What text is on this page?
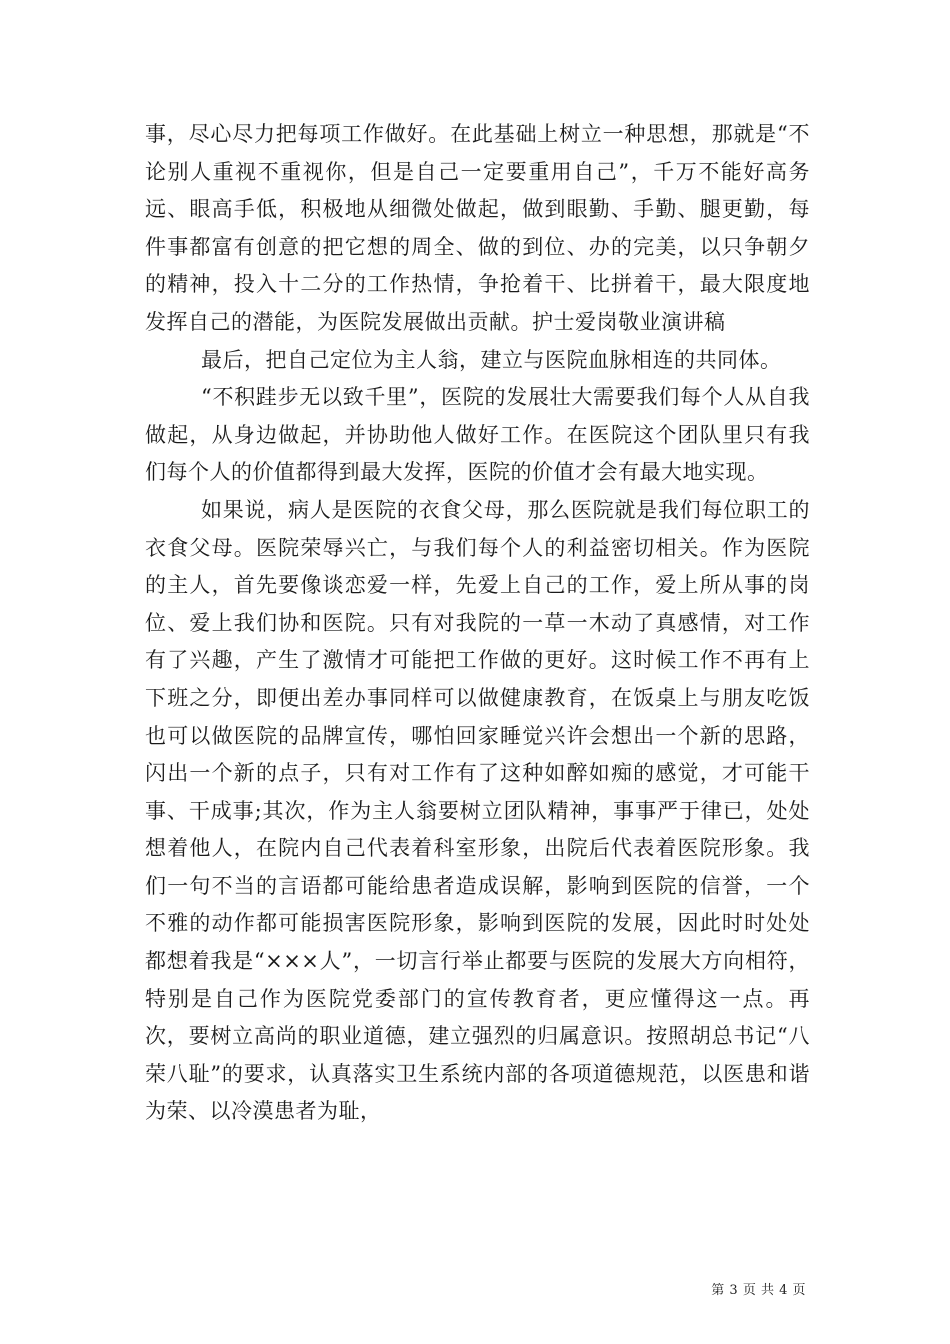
事，尽心尽力把每项工作做好。在此基础上树立一种思想，那就是“不论别人重视不重视你，但是自己一定要重用自己”，千万不能好高务远、眼高手低，积极地从细微处做起，做到眼勤、手勤、腿更勤，每件事都富有创意的把它想的周全、做的到位、办的完美，以只争朝夕的精神，投入十二分的工作热情，争抢着干、比拼着干，最大限度地发挥自己的潜能，为医院发展做出贡献。护士爱岗敬业演讲稿

最后，把自己定位为主人翁，建立与医院血脉相连的共同体。

“不积跬步无以致千里”，医院的发展壮大需要我们每个人从自我做起，从身边做起，并协助他人做好工作。在医院这个团队里只有我们每个人的价值都得到最大发挥，医院的价值才会有最大地实现。

如果说，病人是医院的衣食父母，那么医院就是我们每位职工的衣食父母。医院荣辱兴亡，与我们每个人的利益密切相关。作为医院的主人，首先要像谈恋爱一样，先爱上自己的工作，爱上所从事的岗位、爱上我们协和医院。只有对我院的一草一木动了真感情，对工作有了兴趣，产生了激情才可能把工作做的更好。这时候工作不再有上下班之分，即便出差办事同样可以做健康教育，在饭桌上与朋友吃饭也可以做医院的品牌宣传，哪怕回家睡觉兴许会想出一个新的思路，闪出一个新的点子，只有对工作有了这种如醉如痴的感觉，才可能干事、干成事;其次，作为主人翁要树立团队精神，事事严于律已，处处想着他人，在院内自己代表着科室形象，出院后代表着医院形象。我们一句不当的言语都可能给患者造成误解，影响到医院的信誉，一个不雅的动作都可能损害医院形象，影响到医院的发展，因此时时处处都想着我是“×××人”，一切言行举止都要与医院的发展大方向相符，特别是自己作为医院党委部门的宣传教育者，更应懂得这一点。再次，要树立高尚的职业道德，建立强烈的归属意识。按照胡总书记“八荣八耻”的要求，认真落实卫生系统内部的各项道德规范，以医患和谐为荣、以冷漠患者为耻，

第 3 页 共 4 页
